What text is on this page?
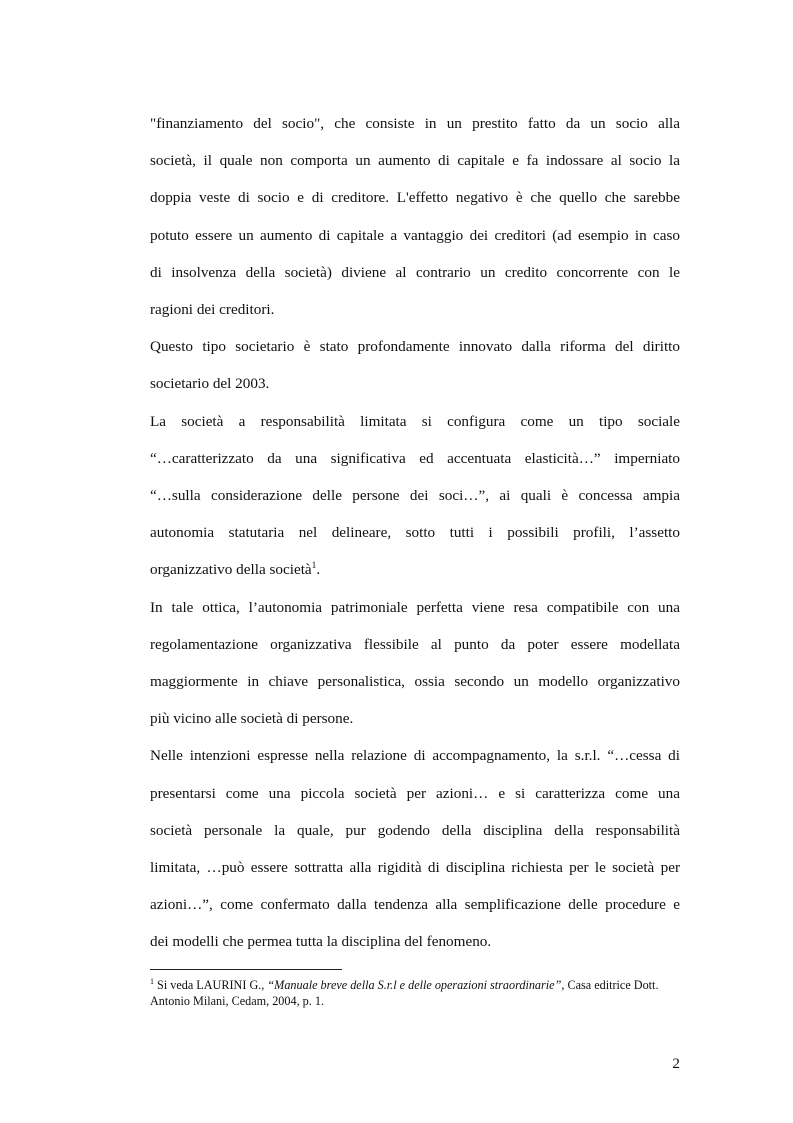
"finanziamento del socio", che consiste in un prestito fatto da un socio alla
società, il quale non comporta un aumento di capitale e fa indossare al socio la
doppia veste di socio e di creditore. L'effetto negativo è che quello che sarebbe
potuto essere un aumento di capitale a vantaggio dei creditori (ad esempio in caso
di insolvenza della società) diviene al contrario un credito concorrente con le
ragioni dei creditori.

Questo tipo societario è stato profondamente innovato dalla riforma del diritto
societario del 2003.

La società a responsabilità limitata si configura come un tipo sociale
“…caratterizzato da una significativa ed accentuata elasticità…” imperniato
“…sulla considerazione delle persone dei soci…”, ai quali è concessa ampia
autonomia statutaria nel delineare, sotto tutti i possibili profili, l’assetto
organizzativo della società$^1$.

In tale ottica, l’autonomia patrimoniale perfetta viene resa compatibile con una
regolamentazione organizzativa flessibile al punto da poter essere modellata
maggiormente in chiave personalistica, ossia secondo un modello organizzativo
più vicino alle società di persone.

Nelle intenzioni espresse nella relazione di accompagnamento, la s.r.l. “…cessa di
presentarsi come una piccola società per azioni… e si caratterizza come una
società personale la quale, pur godendo della disciplina della responsabilità
limitata, …può essere sottratta alla rigidità di disciplina richiesta per le società per
azioni…”, come confermato dalla tendenza alla semplificazione delle procedure e
dei modelli che permea tutta la disciplina del fenomeno.

$^1$ Si veda LAURINI G., “Manuale breve della S.r.l e delle operazioni straordinarie”, Casa editrice Dott. Antonio Milani, Cedam, 2004, p. 1.

2
